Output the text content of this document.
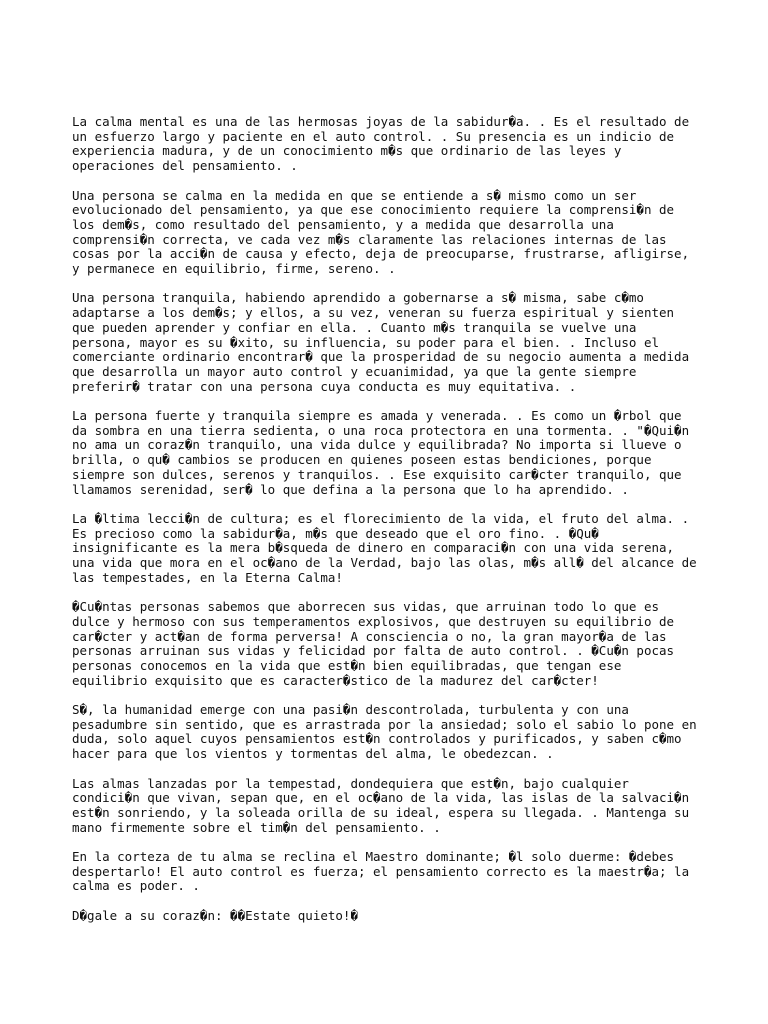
La calma mental es una de las hermosas joyas de la sabidur�a. . Es el resultado de
un esfuerzo largo y paciente en el auto control. . Su presencia es un indicio de
experiencia madura, y de un conocimiento m�s que ordinario de las leyes y
operaciones del pensamiento. .

Una persona se calma en la medida en que se entiende a s� mismo como un ser
evolucionado del pensamiento, ya que ese conocimiento requiere la comprensi�n de
los dem�s, como resultado del pensamiento, y a medida que desarrolla una
comprensi�n correcta, ve cada vez m�s claramente las relaciones internas de las
cosas por la acci�n de causa y efecto, deja de preocuparse, frustrarse, afligirse,
y permanece en equilibrio, firme, sereno. .

Una persona tranquila, habiendo aprendido a gobernarse a s� misma, sabe c�mo
adaptarse a los dem�s; y ellos, a su vez, veneran su fuerza espiritual y sienten
que pueden aprender y confiar en ella. . Cuanto m�s tranquila se vuelve una
persona, mayor es su �xito, su influencia, su poder para el bien. . Incluso el
comerciante ordinario encontrar� que la prosperidad de su negocio aumenta a medida
que desarrolla un mayor auto control y ecuanimidad, ya que la gente siempre
preferir� tratar con una persona cuya conducta es muy equitativa. .

La persona fuerte y tranquila siempre es amada y venerada. . Es como un �rbol que
da sombra en una tierra sedienta, o una roca protectora en una tormenta. . "�Qui�n
no ama un coraz�n tranquilo, una vida dulce y equilibrada? No importa si llueve o
brilla, o qu� cambios se producen en quienes poseen estas bendiciones, porque
siempre son dulces, serenos y tranquilos. . Ese exquisito car�cter tranquilo, que
llamamos serenidad, ser� lo que defina a la persona que lo ha aprendido. .

La �ltima lecci�n de cultura; es el florecimiento de la vida, el fruto del alma. .
Es precioso como la sabidur�a, m�s que deseado que el oro fino. . �Qu�
insignificante es la mera b�squeda de dinero en comparaci�n con una vida serena,
una vida que mora en el oc�ano de la Verdad, bajo las olas, m�s all� del alcance de
las tempestades, en la Eterna Calma!

�Cu�ntas personas sabemos que aborrecen sus vidas, que arruinan todo lo que es
dulce y hermoso con sus temperamentos explosivos, que destruyen su equilibrio de
car�cter y act�an de forma perversa! A consciencia o no, la gran mayor�a de las
personas arruinan sus vidas y felicidad por falta de auto control. . �Cu�n pocas
personas conocemos en la vida que est�n bien equilibradas, que tengan ese
equilibrio exquisito que es caracter�stico de la madurez del car�cter!

S�, la humanidad emerge con una pasi�n descontrolada, turbulenta y con una
pesadumbre sin sentido, que es arrastrada por la ansiedad; solo el sabio lo pone en
duda, solo aquel cuyos pensamientos est�n controlados y purificados, y saben c�mo
hacer para que los vientos y tormentas del alma, le obedezcan. .

Las almas lanzadas por la tempestad, dondequiera que est�n, bajo cualquier
condici�n que vivan, sepan que, en el oc�ano de la vida, las islas de la salvaci�n
est�n sonriendo, y la soleada orilla de su ideal, espera su llegada. . Mantenga su
mano firmemente sobre el tim�n del pensamiento. .

En la corteza de tu alma se reclina el Maestro dominante; �l solo duerme: �debes
despertarlo! El auto control es fuerza; el pensamiento correcto es la maestr�a; la
calma es poder. .

D�gale a su coraz�n: ��Estate quieto!�
